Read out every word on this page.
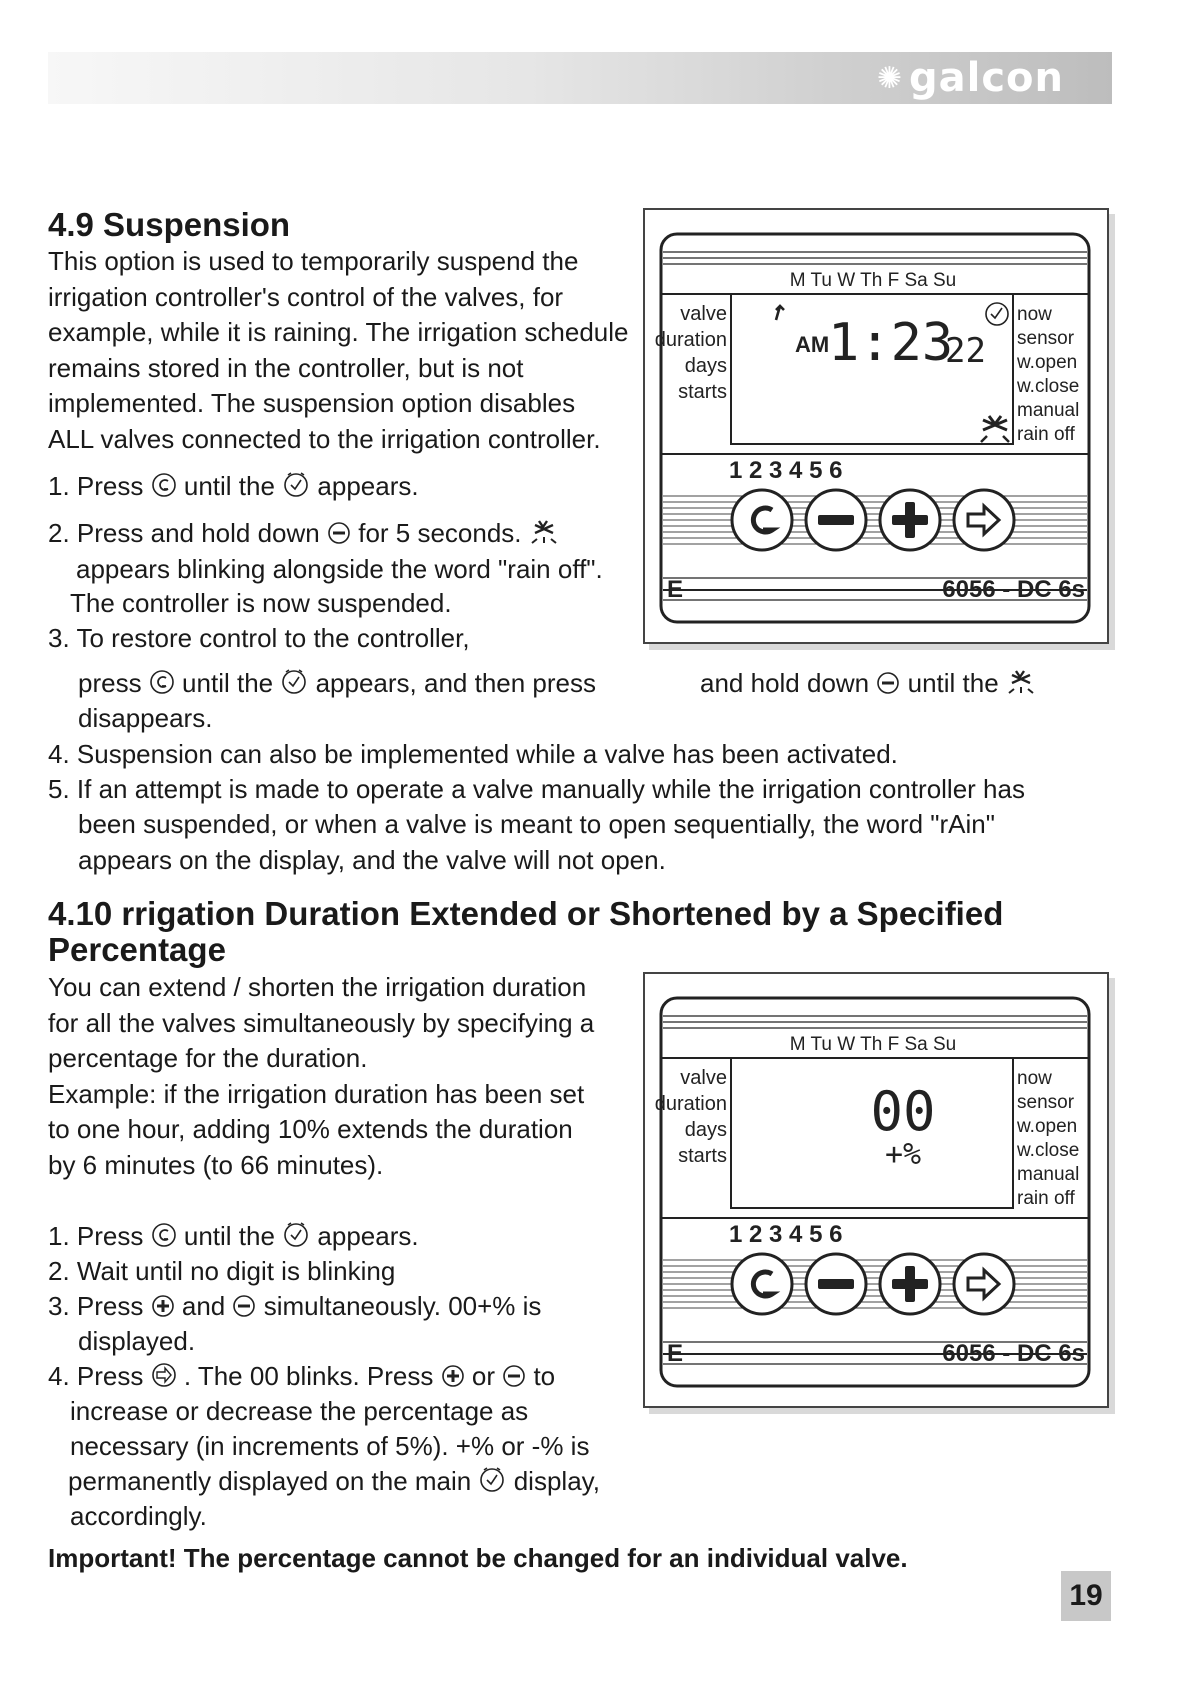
✺ galcon
4.9 Suspension
This option is used to temporarily suspend the
irrigation controller's control of the valves, for
example, while it is raining. The irrigation schedule
remains stored in the controller, but is not
implemented. The suspension option disables
ALL valves connected to the irrigation controller.
1. Press until the appears.
2. Press and hold down for 5 seconds.
appears blinking alongside the word "rain off".
The controller is now suspended.
3. To restore control to the controller,
press until the appears, and then press	and hold down until the
disappears.
4. Suspension can also be implemented while a valve has been activated.
5. If an attempt is made to operate a valve manually while the irrigation controller has
been suspended, or when a valve is meant to open sequentially, the word "rAin"
appears on the display, and the valve will not open.
4.10 rrigation Duration Extended or Shortened by a Specified
Percentage
You can extend / shorten the irrigation duration
for all the valves simultaneously by specifying a
percentage for the duration.
Example: if the irrigation duration has been set
to one hour, adding 10% extends the duration
by 6 minutes (to 66 minutes).
1. Press until the appears.
2. Wait until no digit is blinking
3. Press and simultaneously. 00+% is
displayed.
4. Press . The 00 blinks. Press or to
increase or decrease the percentage as
necessary (in increments of 5%). +% or -% is
permanently displayed on the main display,
accordingly.
Important! The percentage cannot be changed for an individual valve.
19
M Tu W Th F Sa Su
valve
duration
days
starts
now
sensor
w.open
w.close
manual
rain off
AM
1:23
22
1 2 3 4 5 6
E	6056 - DC 6s
M Tu W Th F Sa Su
valve
duration
days
starts
now
sensor
w.open
w.close
manual
rain off
00
+%
1 2 3 4 5 6
E	6056 - DC 6s
